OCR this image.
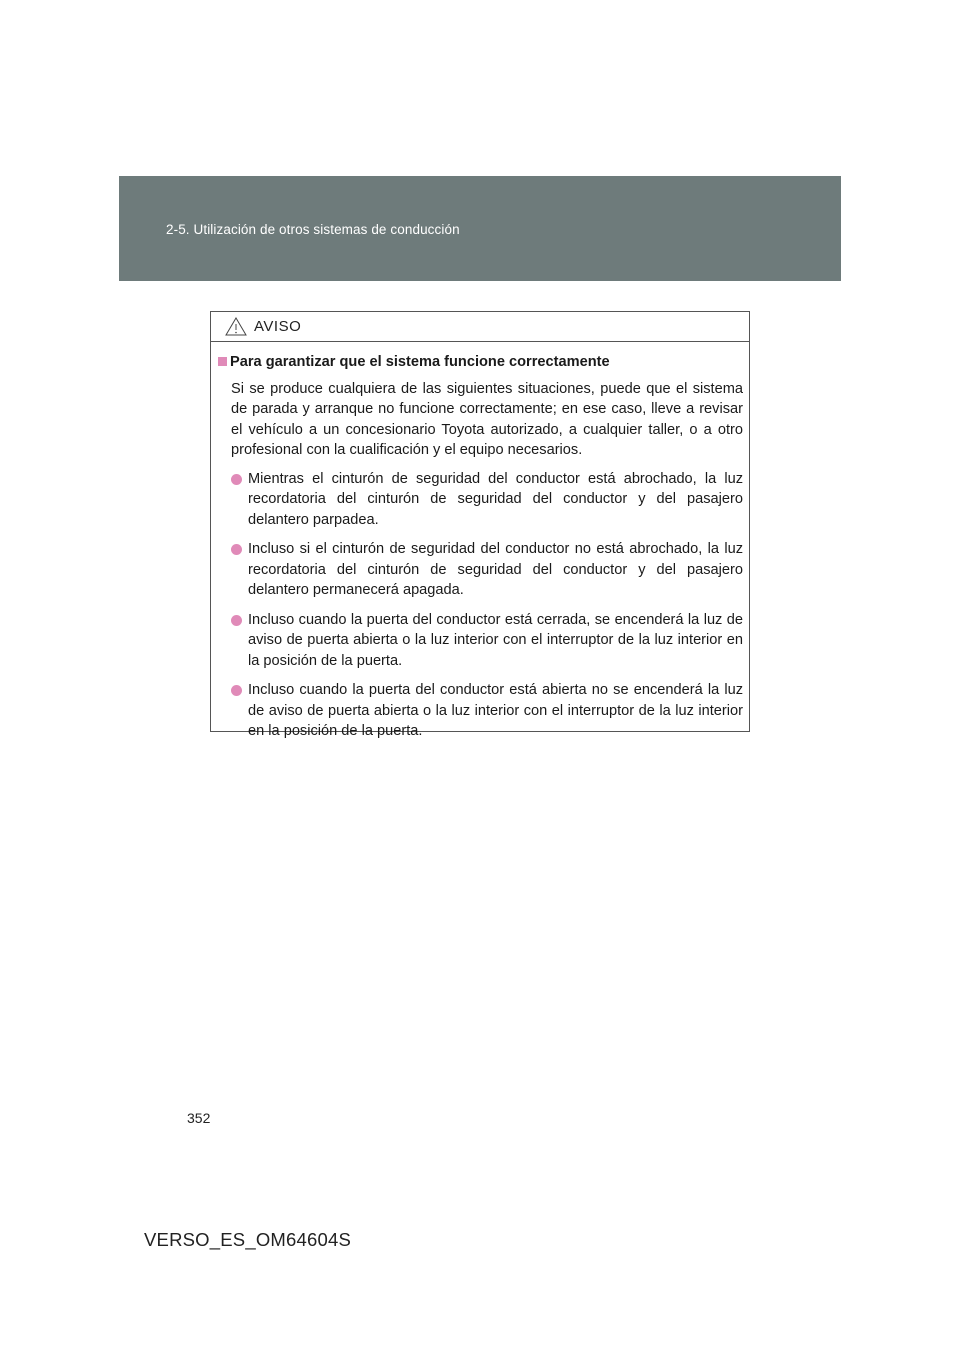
2-5. Utilización de otros sistemas de conducción
AVISO
Para garantizar que el sistema funcione correctamente
Si se produce cualquiera de las siguientes situaciones, puede que el sistema de parada y arranque no funcione correctamente; en ese caso, lleve a revisar el vehículo a un concesionario Toyota autorizado, a cualquier taller, o a otro profesional con la cualificación y el equipo necesarios.
Mientras el cinturón de seguridad del conductor está abrochado, la luz recordatoria del cinturón de seguridad del conductor y del pasajero delantero parpadea.
Incluso si el cinturón de seguridad del conductor no está abrochado, la luz recordatoria del cinturón de seguridad del conductor y del pasajero delantero permanecerá apagada.
Incluso cuando la puerta del conductor está cerrada, se encenderá la luz de aviso de puerta abierta o la luz interior con el interruptor de la luz interior en la posición de la puerta.
Incluso cuando la puerta del conductor está abierta no se encenderá la luz de aviso de puerta abierta o la luz interior con el interruptor de la luz interior en la posición de la puerta.
352
VERSO_ES_OM64604S
